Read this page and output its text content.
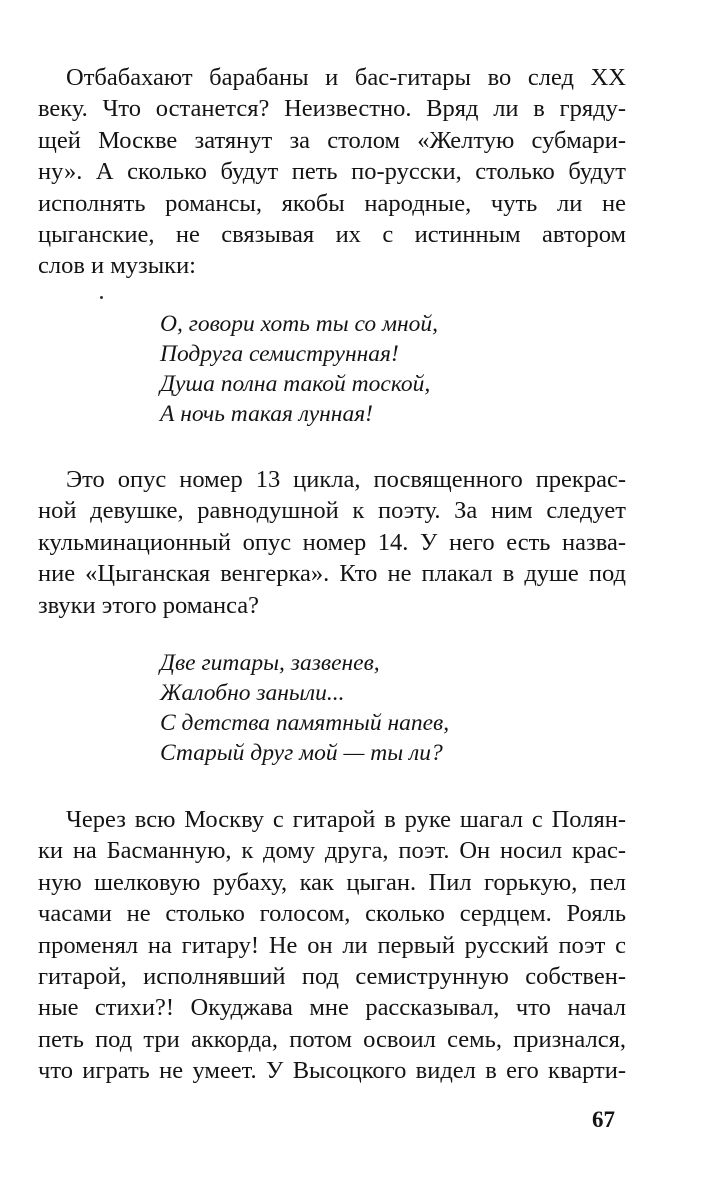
Отбабахают барабаны и бас-гитары во след XX
веку. Что останется? Неизвестно. Вряд ли в гряду-
щей Москве затянут за столом «Желтую субмари-
ну». А сколько будут петь по-русски, столько будут
исполнять романсы, якобы народные, чуть ли не
цыганские, не связывая их с истинным автором
слов и музыки:
О, говори хоть ты со мной,
Подруга семиструнная!
Душа полна такой тоской,
А ночь такая лунная!
Это опус номер 13 цикла, посвященного прекрас-
ной девушке, равнодушной к поэту. За ним следует
кульминационный опус номер 14. У него есть назва-
ние «Цыганская венгерка». Кто не плакал в душе под
звуки этого романса?
Две гитары, зазвенев,
Жалобно заныли...
С детства памятный напев,
Старый друг мой — ты ли?
Через всю Москву с гитарой в руке шагал с Полян-
ки на Басманную, к дому друга, поэт. Он носил крас-
ную шелковую рубаху, как цыган. Пил горькую, пел
часами не столько голосом, сколько сердцем. Рояль
променял на гитару! Не он ли первый русский поэт с
гитарой, исполнявший под семиструнную собствен-
ные стихи?! Окуджава мне рассказывал, что начал
петь под три аккорда, потом освоил семь, признался,
что играть не умеет. У Высоцкого видел в его кварти-
67
